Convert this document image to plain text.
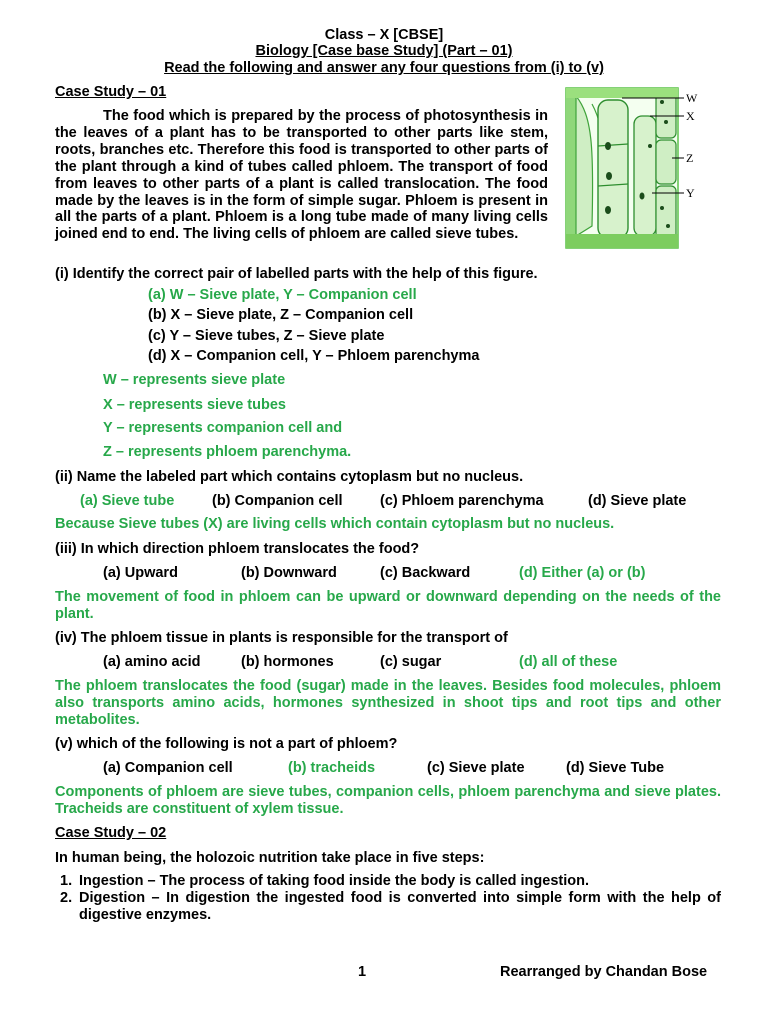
Class – X [CBSE]
Biology [Case base Study] (Part – 01)
Read the following and answer any four questions from (i) to (v)
Case Study – 01
The food which is prepared by the process of photosynthesis in the leaves of a plant has to be transported to other parts like stem, roots, branches etc. Therefore this food is transported to other parts of the plant through a kind of tubes called phloem. The transport of food from leaves to other parts of a plant is called translocation. The food made by the leaves is in the form of simple sugar. Phloem is present in all the parts of a plant. Phloem is a long tube made of many living cells joined end to end. The living cells of phloem are called sieve tubes.
W
X
Z
Y
(i) Identify the correct pair of labelled parts with the help of this figure.
(a) W – Sieve plate, Y – Companion cell
(b) X – Sieve plate, Z – Companion cell
(c) Y – Sieve tubes, Z – Sieve plate
(d) X – Companion cell, Y – Phloem parenchyma
W – represents sieve plate
X – represents sieve tubes
Y – represents companion cell and
Z – represents phloem parenchyma.
(ii) Name the labeled part which contains cytoplasm but no nucleus.
(a) Sieve tube	(b) Companion cell	(c) Phloem parenchyma	(d) Sieve plate
Because Sieve tubes (X) are living cells which contain cytoplasm but no nucleus.
(iii) In which direction phloem translocates the food?
(a) Upward	(b) Downward	(c) Backward	(d) Either (a) or (b)
The movement of food in phloem can be upward or downward depending on the needs of the plant.
(iv) The phloem tissue in plants is responsible for the transport of
(a) amino acid	(b) hormones	(c) sugar	(d) all of these
The phloem translocates the food (sugar) made in the leaves. Besides food molecules, phloem also transports amino acids, hormones synthesized in shoot tips and root tips and other metabolites.
(v) which of the following is not a part of phloem?
(a) Companion cell	(b) tracheids	(c) Sieve plate	(d) Sieve Tube
Components of phloem are sieve tubes, companion cells, phloem parenchyma and sieve plates. Tracheids are constituent of xylem tissue.
Case Study – 02
In human being, the holozoic nutrition take place in five steps:
1. Ingestion – The process of taking food inside the body is called ingestion.
2. Digestion – In digestion the ingested food is converted into simple form with the help of digestive enzymes.
1	Rearranged by Chandan Bose
